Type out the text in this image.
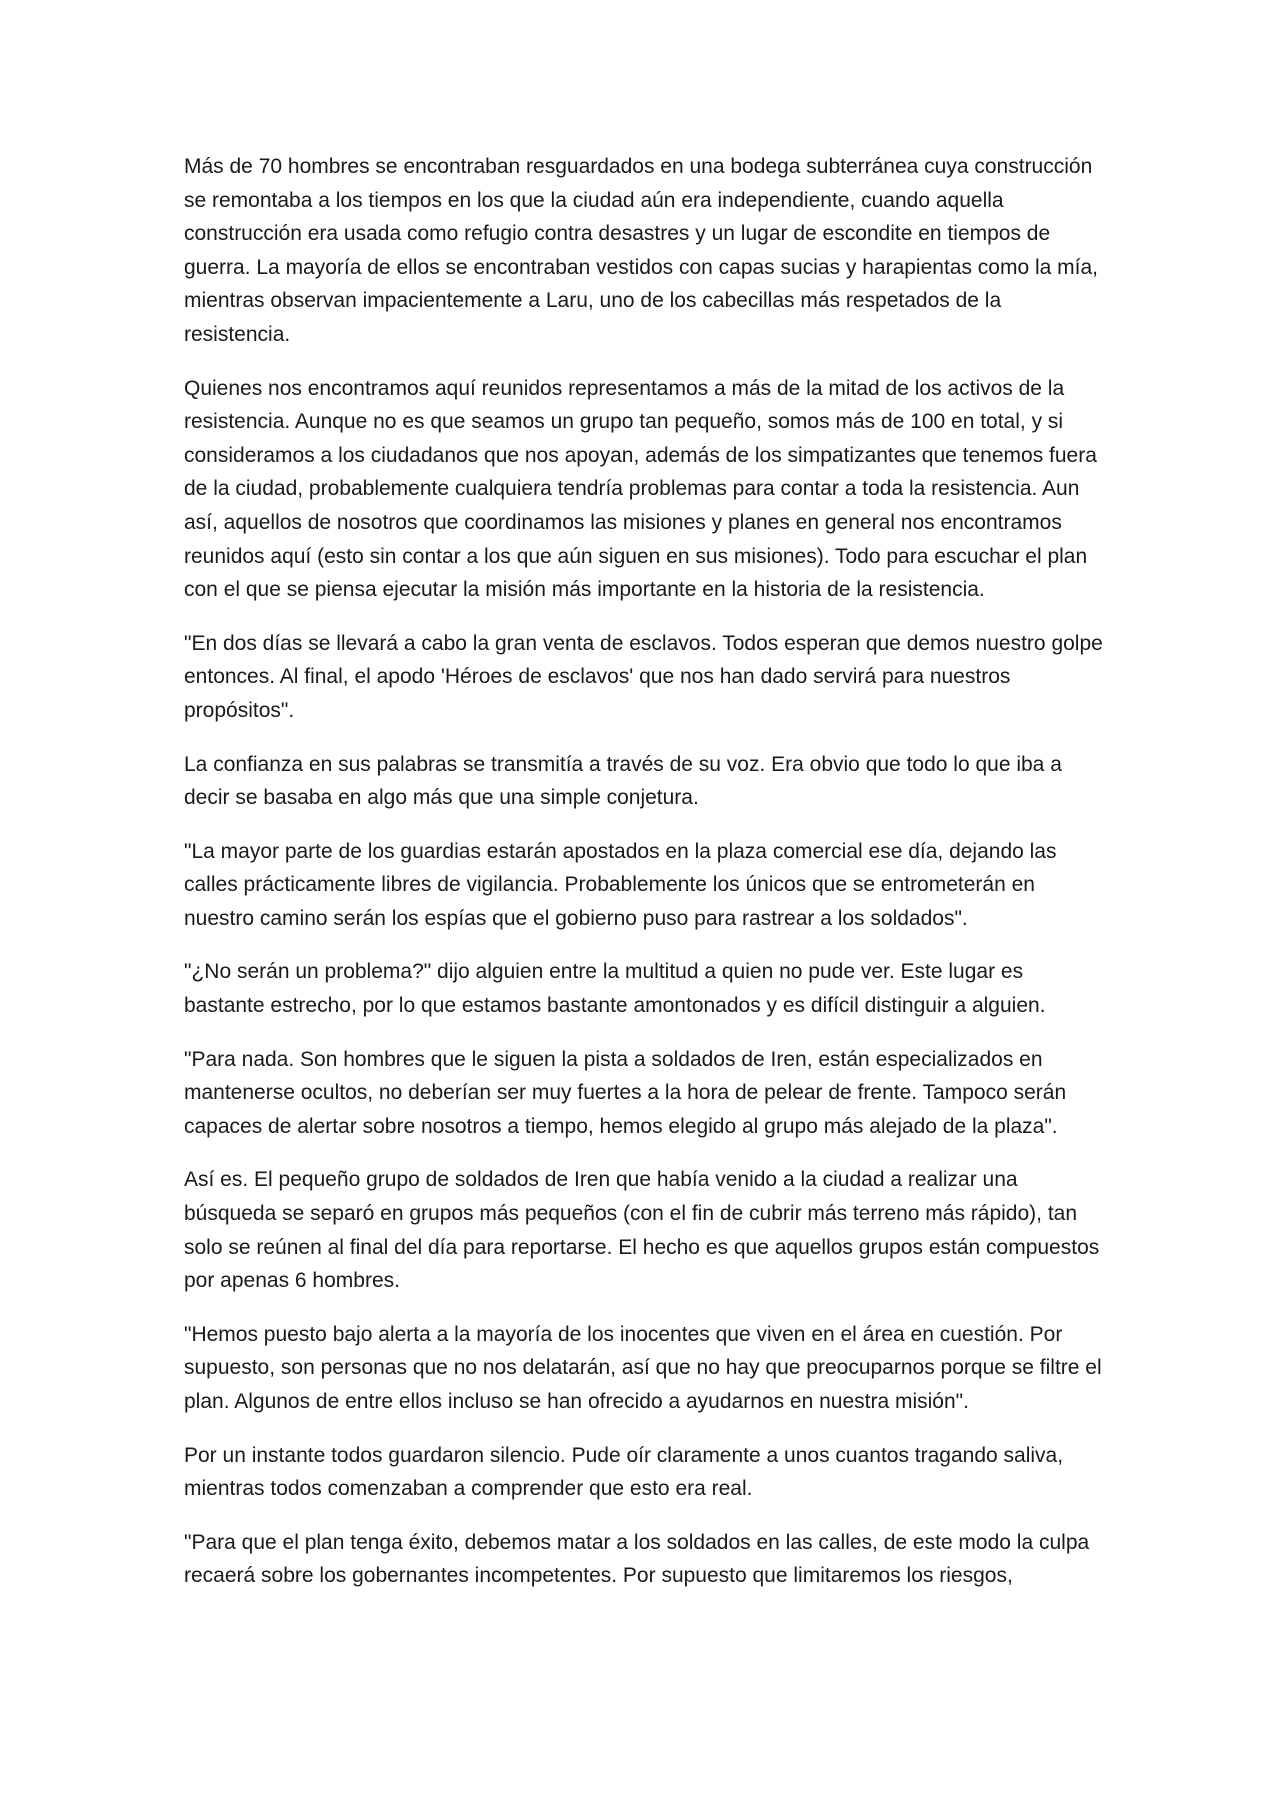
Más de 70 hombres se encontraban resguardados en una bodega subterránea cuya construcción se remontaba a los tiempos en los que la ciudad aún era independiente, cuando aquella construcción era usada como refugio contra desastres y un lugar de escondite en tiempos de guerra. La mayoría de ellos se encontraban vestidos con capas sucias y harapientas como la mía, mientras observan impacientemente a Laru, uno de los cabecillas más respetados de la resistencia.

Quienes nos encontramos aquí reunidos representamos a más de la mitad de los activos de la resistencia. Aunque no es que seamos un grupo tan pequeño, somos más de 100 en total, y si consideramos a los ciudadanos que nos apoyan, además de los simpatizantes que tenemos fuera de la ciudad, probablemente cualquiera tendría problemas para contar a toda la resistencia. Aun así, aquellos de nosotros que coordinamos las misiones y planes en general nos encontramos reunidos aquí (esto sin contar a los que aún siguen en sus misiones). Todo para escuchar el plan con el que se piensa ejecutar la misión más importante en la historia de la resistencia.

"En dos días se llevará a cabo la gran venta de esclavos. Todos esperan que demos nuestro golpe entonces. Al final, el apodo 'Héroes de esclavos' que nos han dado servirá para nuestros propósitos".

La confianza en sus palabras se transmitía a través de su voz. Era obvio que todo lo que iba a decir se basaba en algo más que una simple conjetura.

"La mayor parte de los guardias estarán apostados en la plaza comercial ese día, dejando las calles prácticamente libres de vigilancia. Probablemente los únicos que se entrometerán en nuestro camino serán los espías que el gobierno puso para rastrear a los soldados".

"¿No serán un problema?" dijo alguien entre la multitud a quien no pude ver. Este lugar es bastante estrecho, por lo que estamos bastante amontonados y es difícil distinguir a alguien.

"Para nada. Son hombres que le siguen la pista a soldados de Iren, están especializados en mantenerse ocultos, no deberían ser muy fuertes a la hora de pelear de frente. Tampoco serán capaces de alertar sobre nosotros a tiempo, hemos elegido al grupo más alejado de la plaza".

Así es. El pequeño grupo de soldados de Iren que había venido a la ciudad a realizar una búsqueda se separó en grupos más pequeños (con el fin de cubrir más terreno más rápido), tan solo se reúnen al final del día para reportarse. El hecho es que aquellos grupos están compuestos por apenas 6 hombres.

"Hemos puesto bajo alerta a la mayoría de los inocentes que viven en el área en cuestión. Por supuesto, son personas que no nos delatarán, así que no hay que preocuparnos porque se filtre el plan. Algunos de entre ellos incluso se han ofrecido a ayudarnos en nuestra misión".

Por un instante todos guardaron silencio. Pude oír claramente a unos cuantos tragando saliva, mientras todos comenzaban a comprender que esto era real.

"Para que el plan tenga éxito, debemos matar a los soldados en las calles, de este modo la culpa recaerá sobre los gobernantes incompetentes. Por supuesto que limitaremos los riesgos,
